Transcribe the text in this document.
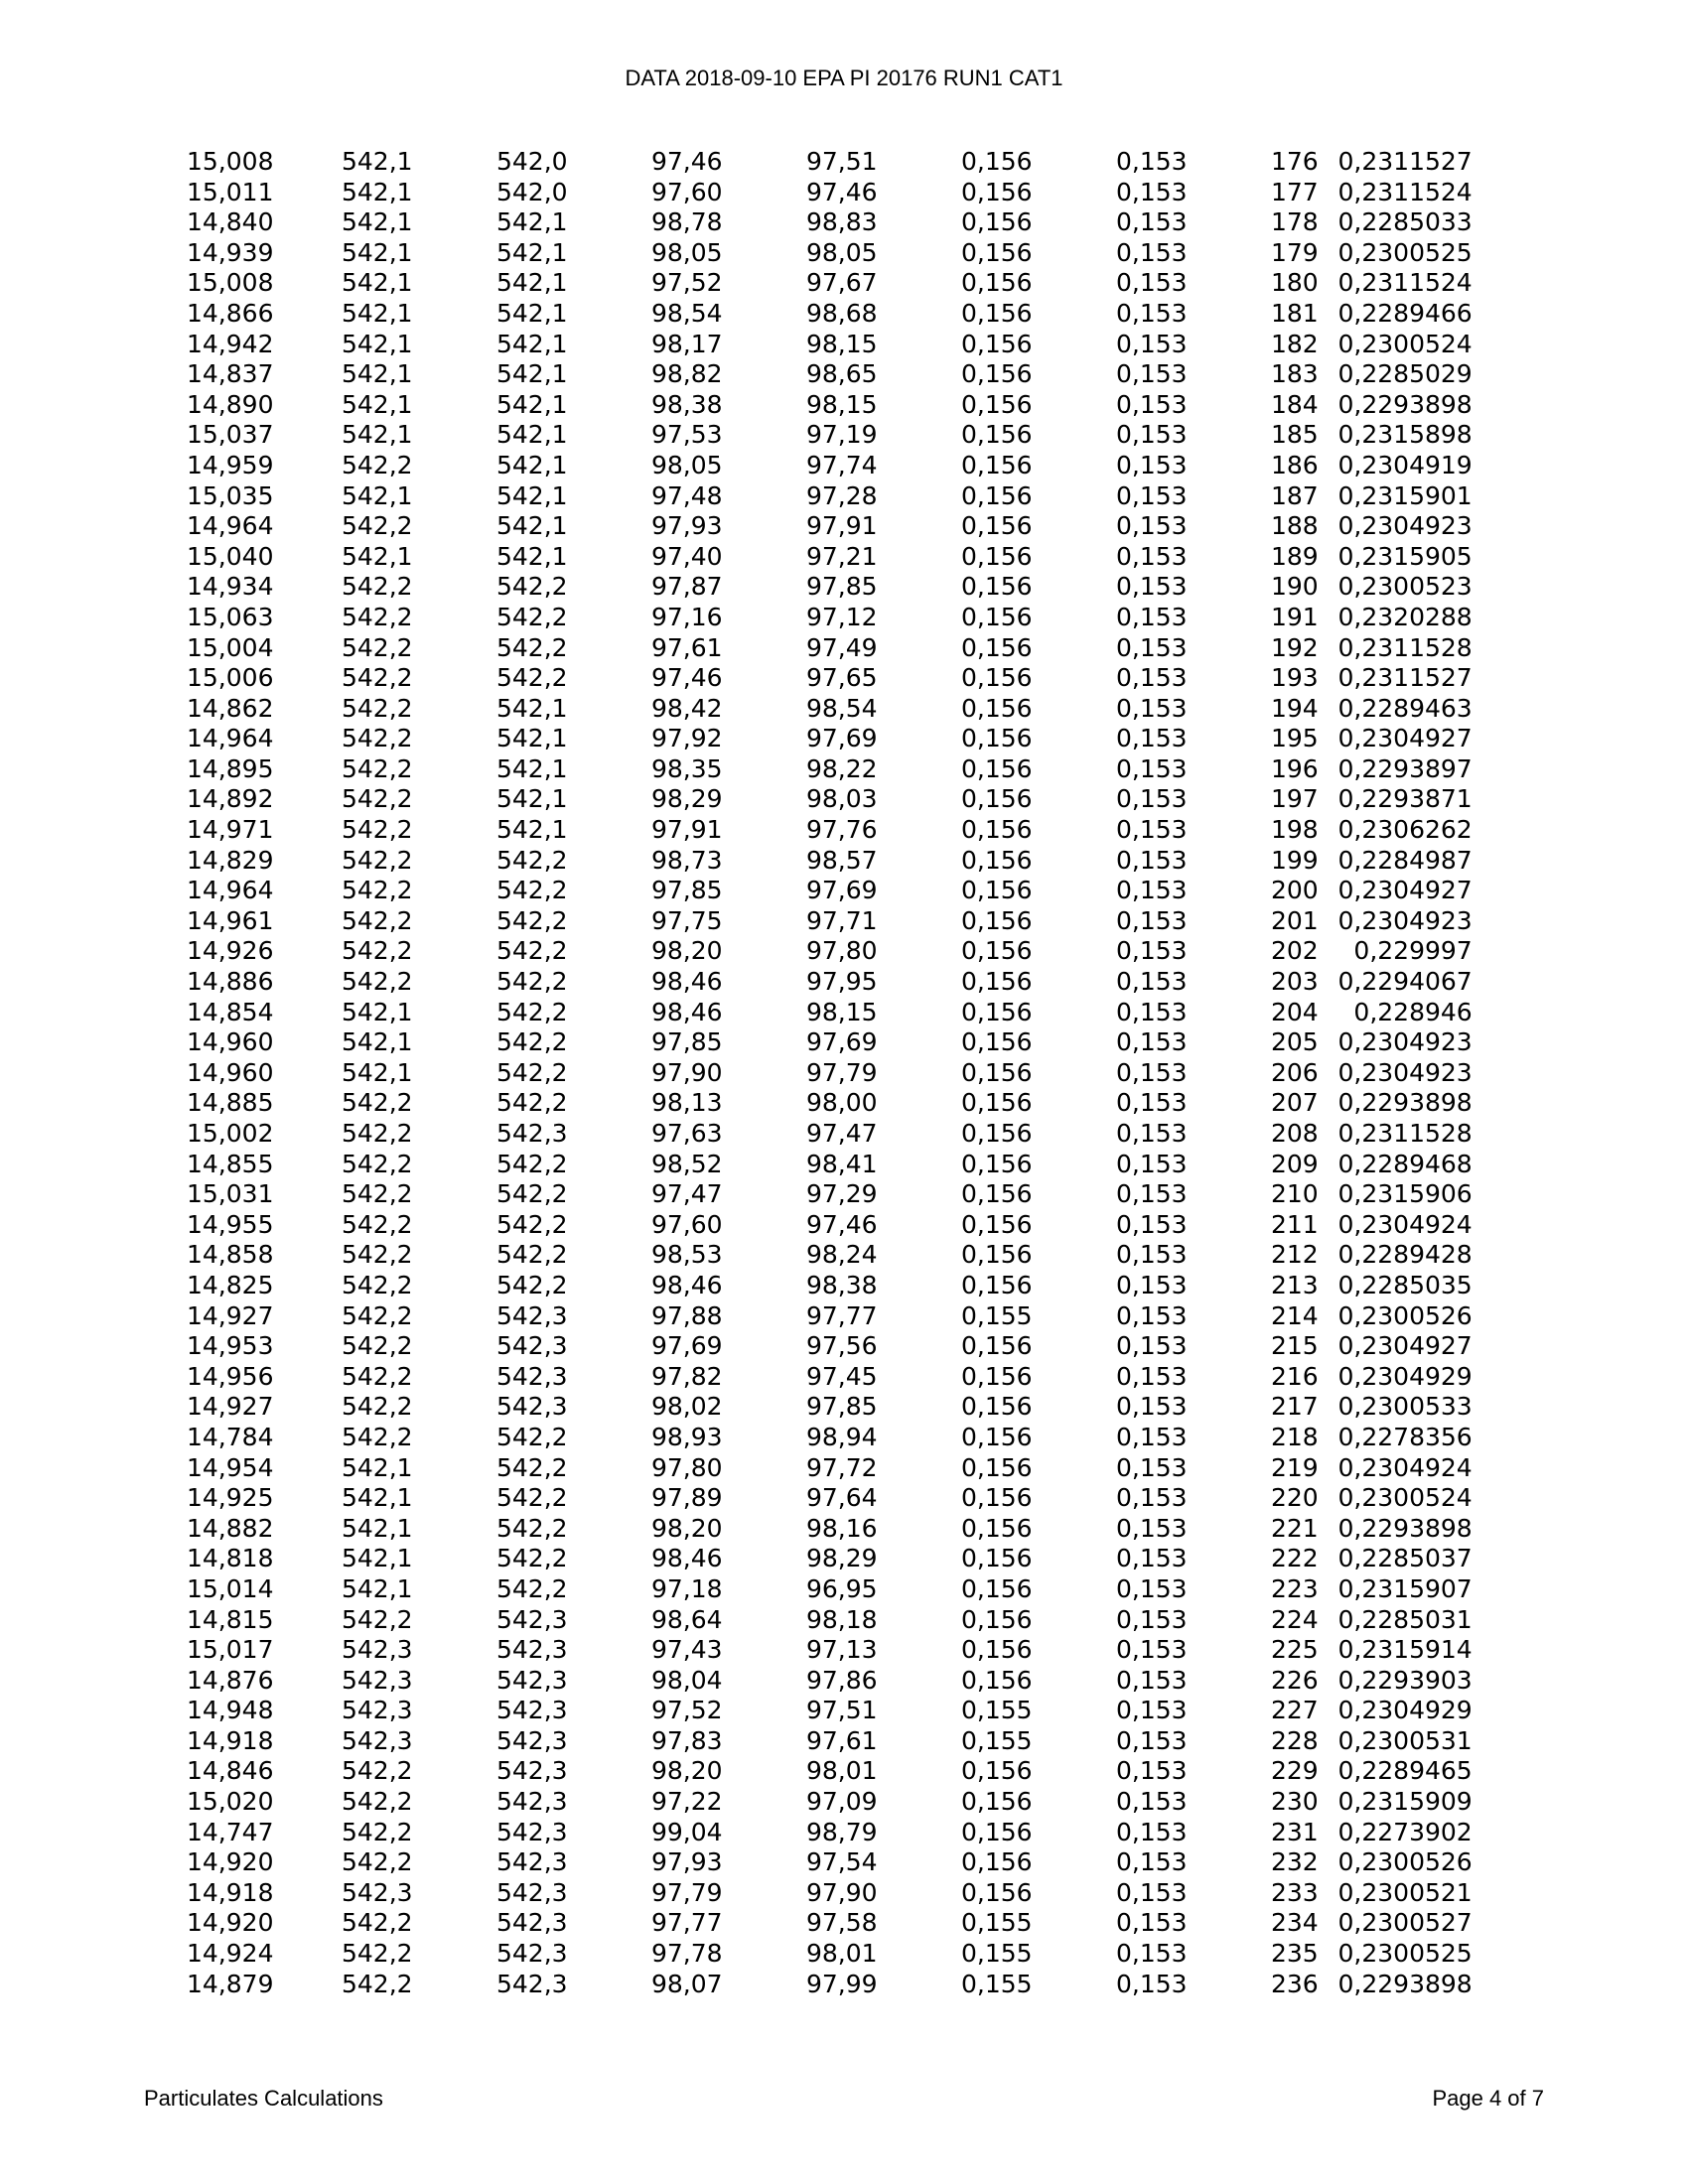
DATA 2018-09-10 EPA PI 20176 RUN1 CAT1
15,008	542,1	542,0	97,46	97,51	0,156	0,153	176	0,2311527
15,011	542,1	542,0	97,60	97,46	0,156	0,153	177	0,2311524
14,840	542,1	542,1	98,78	98,83	0,156	0,153	178	0,2285033
14,939	542,1	542,1	98,05	98,05	0,156	0,153	179	0,2300525
15,008	542,1	542,1	97,52	97,67	0,156	0,153	180	0,2311524
14,866	542,1	542,1	98,54	98,68	0,156	0,153	181	0,2289466
14,942	542,1	542,1	98,17	98,15	0,156	0,153	182	0,2300524
14,837	542,1	542,1	98,82	98,65	0,156	0,153	183	0,2285029
14,890	542,1	542,1	98,38	98,15	0,156	0,153	184	0,2293898
15,037	542,1	542,1	97,53	97,19	0,156	0,153	185	0,2315898
14,959	542,2	542,1	98,05	97,74	0,156	0,153	186	0,2304919
15,035	542,1	542,1	97,48	97,28	0,156	0,153	187	0,2315901
14,964	542,2	542,1	97,93	97,91	0,156	0,153	188	0,2304923
15,040	542,1	542,1	97,40	97,21	0,156	0,153	189	0,2315905
14,934	542,2	542,2	97,87	97,85	0,156	0,153	190	0,2300523
15,063	542,2	542,2	97,16	97,12	0,156	0,153	191	0,2320288
15,004	542,2	542,2	97,61	97,49	0,156	0,153	192	0,2311528
15,006	542,2	542,2	97,46	97,65	0,156	0,153	193	0,2311527
14,862	542,2	542,1	98,42	98,54	0,156	0,153	194	0,2289463
14,964	542,2	542,1	97,92	97,69	0,156	0,153	195	0,2304927
14,895	542,2	542,1	98,35	98,22	0,156	0,153	196	0,2293897
14,892	542,2	542,1	98,29	98,03	0,156	0,153	197	0,2293871
14,971	542,2	542,1	97,91	97,76	0,156	0,153	198	0,2306262
14,829	542,2	542,2	98,73	98,57	0,156	0,153	199	0,2284987
14,964	542,2	542,2	97,85	97,69	0,156	0,153	200	0,2304927
14,961	542,2	542,2	97,75	97,71	0,156	0,153	201	0,2304923
14,926	542,2	542,2	98,20	97,80	0,156	0,153	202	0,229997
14,886	542,2	542,2	98,46	97,95	0,156	0,153	203	0,2294067
14,854	542,1	542,2	98,46	98,15	0,156	0,153	204	0,228946
14,960	542,1	542,2	97,85	97,69	0,156	0,153	205	0,2304923
14,960	542,1	542,2	97,90	97,79	0,156	0,153	206	0,2304923
14,885	542,2	542,2	98,13	98,00	0,156	0,153	207	0,2293898
15,002	542,2	542,3	97,63	97,47	0,156	0,153	208	0,2311528
14,855	542,2	542,2	98,52	98,41	0,156	0,153	209	0,2289468
15,031	542,2	542,2	97,47	97,29	0,156	0,153	210	0,2315906
14,955	542,2	542,2	97,60	97,46	0,156	0,153	211	0,2304924
14,858	542,2	542,2	98,53	98,24	0,156	0,153	212	0,2289428
14,825	542,2	542,2	98,46	98,38	0,156	0,153	213	0,2285035
14,927	542,2	542,3	97,88	97,77	0,155	0,153	214	0,2300526
14,953	542,2	542,3	97,69	97,56	0,156	0,153	215	0,2304927
14,956	542,2	542,3	97,82	97,45	0,156	0,153	216	0,2304929
14,927	542,2	542,3	98,02	97,85	0,156	0,153	217	0,2300533
14,784	542,2	542,2	98,93	98,94	0,156	0,153	218	0,2278356
14,954	542,1	542,2	97,80	97,72	0,156	0,153	219	0,2304924
14,925	542,1	542,2	97,89	97,64	0,156	0,153	220	0,2300524
14,882	542,1	542,2	98,20	98,16	0,156	0,153	221	0,2293898
14,818	542,1	542,2	98,46	98,29	0,156	0,153	222	0,2285037
15,014	542,1	542,2	97,18	96,95	0,156	0,153	223	0,2315907
14,815	542,2	542,3	98,64	98,18	0,156	0,153	224	0,2285031
15,017	542,3	542,3	97,43	97,13	0,156	0,153	225	0,2315914
14,876	542,3	542,3	98,04	97,86	0,156	0,153	226	0,2293903
14,948	542,3	542,3	97,52	97,51	0,155	0,153	227	0,2304929
14,918	542,3	542,3	97,83	97,61	0,155	0,153	228	0,2300531
14,846	542,2	542,3	98,20	98,01	0,156	0,153	229	0,2289465
15,020	542,2	542,3	97,22	97,09	0,156	0,153	230	0,2315909
14,747	542,2	542,3	99,04	98,79	0,156	0,153	231	0,2273902
14,920	542,2	542,3	97,93	97,54	0,156	0,153	232	0,2300526
14,918	542,3	542,3	97,79	97,90	0,156	0,153	233	0,2300521
14,920	542,2	542,3	97,77	97,58	0,155	0,153	234	0,2300527
14,924	542,2	542,3	97,78	98,01	0,155	0,153	235	0,2300525
14,879	542,2	542,3	98,07	97,99	0,155	0,153	236	0,2293898
Particulates Calculations	Page 4 of 7
